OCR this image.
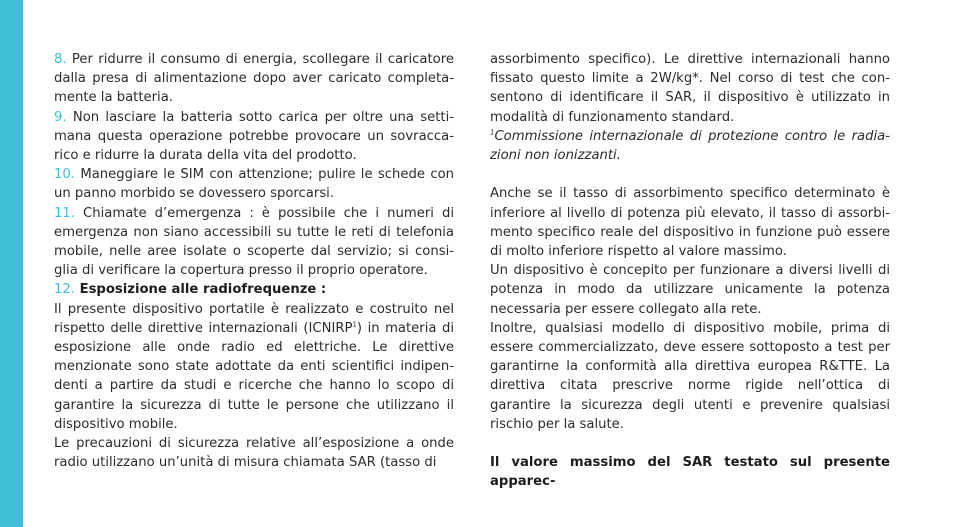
8. Per ridurre il consumo di energia, scollegare il caricatore dalla presa di alimentazione dopo aver caricato completa-mente la batteria.

9. Non lasciare la batteria sotto carica per oltre una setti-mana questa operazione potrebbe provocare un sovracca-rico e ridurre la durata della vita del prodotto.

10. Maneggiare le SIM con attenzione; pulire le schede con un panno morbido se dovessero sporcarsi.

11. Chiamate d’emergenza : è possibile che i numeri di emergenza non siano accessibili su tutte le reti di telefonia mobile, nelle aree isolate o scoperte dal servizio; si consi-glia di verificare la copertura presso il proprio operatore.

12. Esposizione alle radiofrequenze :

Il presente dispositivo portatile è realizzato e costruito nel rispetto delle direttive internazionali (ICNIRP$^1$) in materia di esposizione alle onde radio ed elettriche. Le direttive menzionate sono state adottate da enti scientifici indipen-denti a partire da studi e ricerche che hanno lo scopo di garantire la sicurezza di tutte le persone che utilizzano il dispositivo mobile.

Le precauzioni di sicurezza relative all’esposizione a onde radio utilizzano un’unità di misura chiamata SAR (tasso di

assorbimento specifico). Le direttive internazionali hanno fissato questo limite a 2W/kg*. Nel corso di test che con-sentono di identificare il SAR, il dispositivo è utilizzato in modalità di funzionamento standard.

$^1$Commissione internazionale di protezione contro le radia-zioni non ionizzanti.

Anche se il tasso di assorbimento specifico determinato è inferiore al livello di potenza più elevato, il tasso di assorbi-mento specifico reale del dispositivo in funzione può essere di molto inferiore rispetto al valore massimo.

Un dispositivo è concepito per funzionare a diversi livelli di potenza in modo da utilizzare unicamente la potenza necessaria per essere collegato alla rete.

Inoltre, qualsiasi modello di dispositivo mobile, prima di essere commercializzato, deve essere sottoposto a test per garantirne la conformità alla direttiva europea R&TTE. La direttiva citata prescrive norme rigide nell’ottica di garantire la sicurezza degli utenti e prevenire qualsiasi rischio per la salute.

Il valore massimo del SAR testato sul presente apparec-
